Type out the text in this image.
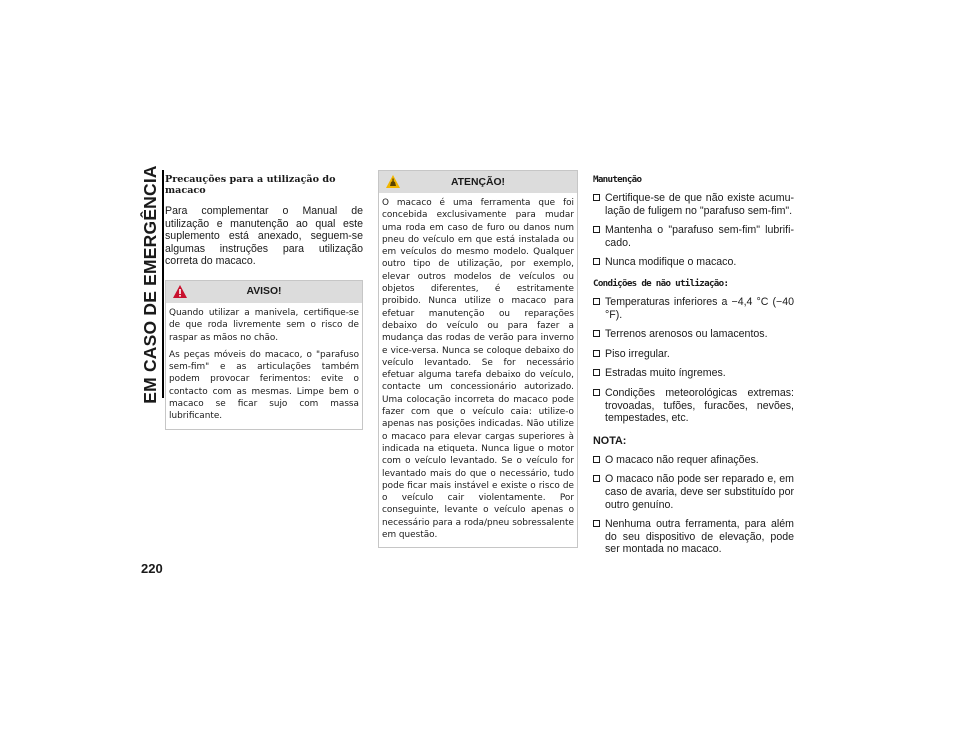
EM CASO DE EMERGÊNCIA
220
Precauções para a utilização do macaco

Para complementar o Manual de utilização e manutenção ao qual este suplemento está anexado, seguem-se algumas instruções para utilização correta do macaco.

AVISO!

Quando utilizar a manivela, certifique-se de que roda livremente sem o risco de raspar as mãos no chão.

As peças móveis do macaco, o "parafuso sem-fim" e as articulações também podem provocar ferimentos: evite o contacto com as mesmas. Limpe bem o macaco se ficar sujo com massa lubrificante.

ATENÇÃO!

O macaco é uma ferramenta que foi concebida exclusivamente para mudar uma roda em caso de furo ou danos num pneu do veículo em que está instalada ou em veículos do mesmo modelo. Qualquer outro tipo de utilização, por exemplo, elevar outros modelos de veículos ou objetos diferentes, é estritamente proibido. Nunca utilize o macaco para efetuar manutenção ou reparações debaixo do veículo ou para fazer a mudança das rodas de verão para inverno e vice-versa. Nunca se coloque debaixo do veículo levantado. Se for necessário efetuar alguma tarefa debaixo do veículo, contacte um concessionário autorizado. Uma colocação incorreta do macaco pode fazer com que o veículo caia: utilize-o apenas nas posições indicadas. Não utilize o macaco para elevar cargas superiores à indicada na etiqueta. Nunca ligue o motor com o veículo levantado. Se o veículo for levantado mais do que o necessário, tudo pode ficar mais instável e existe o risco de o veículo cair violentamente. Por conseguinte, levante o veículo apenas o necessário para a roda/pneu sobressalente em questão.

Manutenção
Certifique-se de que não existe acumu-lação de fuligem no "parafuso sem-fim".
Mantenha o "parafuso sem-fim" lubrifi-cado.
Nunca modifique o macaco.
Condições de não utilização:
Temperaturas inferiores a −4,4 °C (−40 °F).
Terrenos arenosos ou lamacentos.
Piso irregular.
Estradas muito íngremes.
Condições meteorológicas extremas: trovoadas, tufões, furacões, nevões, tempestades, etc.
NOTA:
O macaco não requer afinações.
O macaco não pode ser reparado e, em caso de avaria, deve ser substituído por outro genuíno.
Nenhuma outra ferramenta, para além do seu dispositivo de elevação, pode ser montada no macaco.
